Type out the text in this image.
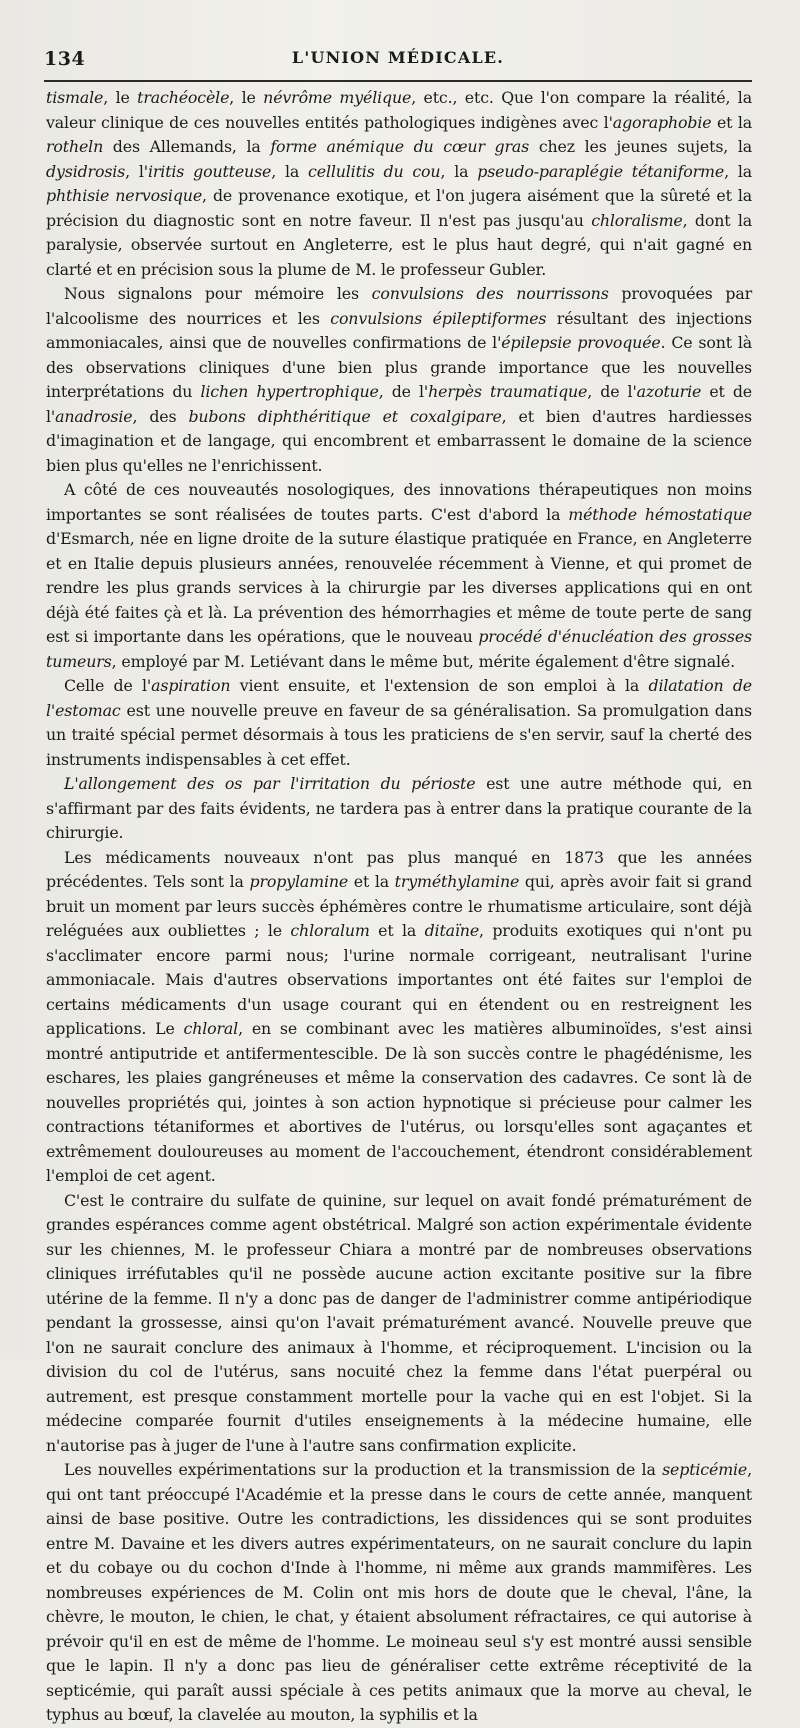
134	L'UNION MÉDICALE.

tismale, le trachéocèle, le névrôme myélique, etc., etc. Que l'on compare la réalité, la valeur clinique de ces nouvelles entités pathologiques indigènes avec l'agoraphobie et la rotheln des Allemands, la forme anémique du cœur gras chez les jeunes sujets, la dysidrosis, l'iritis goutteuse, la cellulitis du cou, la pseudo-paraplégie tétaniforme, la phthisie nervosique, de provenance exotique, et l'on jugera aisément que la sûreté et la précision du diagnostic sont en notre faveur. Il n'est pas jusqu'au chloralisme, dont la paralysie, observée surtout en Angleterre, est le plus haut degré, qui n'ait gagné en clarté et en précision sous la plume de M. le professeur Gubler.

Nous signalons pour mémoire les convulsions des nourrissons provoquées par l'alcoolisme des nourrices et les convulsions épileptiformes résultant des injections ammoniacales, ainsi que de nouvelles confirmations de l'épilepsie provoquée. Ce sont là des observations cliniques d'une bien plus grande importance que les nouvelles interprétations du lichen hypertrophique, de l'herpès traumatique, de l'azoturie et de l'anadrosie, des bubons diphthéritique et coxalgipare, et bien d'autres hardiesses d'imagination et de langage, qui encombrent et embarrassent le domaine de la science bien plus qu'elles ne l'enrichissent.

A côté de ces nouveautés nosologiques, des innovations thérapeutiques non moins importantes se sont réalisées de toutes parts. C'est d'abord la méthode hémostatique d'Esmarch, née en ligne droite de la suture élastique pratiquée en France, en Angleterre et en Italie depuis plusieurs années, renouvelée récemment à Vienne, et qui promet de rendre les plus grands services à la chirurgie par les diverses applications qui en ont déjà été faites çà et là. La prévention des hémorrhagies et même de toute perte de sang est si importante dans les opérations, que le nouveau procédé d'énucléation des grosses tumeurs, employé par M. Letiévant dans le même but, mérite également d'être signalé.

Celle de l'aspiration vient ensuite, et l'extension de son emploi à la dilatation de l'estomac est une nouvelle preuve en faveur de sa généralisation. Sa promulgation dans un traité spécial permet désormais à tous les praticiens de s'en servir, sauf la cherté des instruments indispensables à cet effet.

L'allongement des os par l'irritation du périoste est une autre méthode qui, en s'affirmant par des faits évidents, ne tardera pas à entrer dans la pratique courante de la chirurgie.

Les médicaments nouveaux n'ont pas plus manqué en 1873 que les années précédentes. Tels sont la propylamine et la tryméthylamine qui, après avoir fait si grand bruit un moment par leurs succès éphémères contre le rhumatisme articulaire, sont déjà reléguées aux oubliettes ; le chloralum et la ditaïne, produits exotiques qui n'ont pu s'acclimater encore parmi nous; l'urine normale corrigeant, neutralisant l'urine ammoniacale. Mais d'autres observations importantes ont été faites sur l'emploi de certains médicaments d'un usage courant qui en étendent ou en restreignent les applications. Le chloral, en se combinant avec les matières albuminoïdes, s'est ainsi montré antiputride et antifermentescible. De là son succès contre le phagédénisme, les eschares, les plaies gangréneuses et même la conservation des cadavres. Ce sont là de nouvelles propriétés qui, jointes à son action hypnotique si précieuse pour calmer les contractions tétaniformes et abortives de l'utérus, ou lorsqu'elles sont agaçantes et extrêmement douloureuses au moment de l'accouchement, étendront considérablement l'emploi de cet agent.

C'est le contraire du sulfate de quinine, sur lequel on avait fondé prématurément de grandes espérances comme agent obstétrical. Malgré son action expérimentale évidente sur les chiennes, M. le professeur Chiara a montré par de nombreuses observations cliniques irréfutables qu'il ne possède aucune action excitante positive sur la fibre utérine de la femme. Il n'y a donc pas de danger de l'administrer comme antipériodique pendant la grossesse, ainsi qu'on l'avait prématurément avancé. Nouvelle preuve que l'on ne saurait conclure des animaux à l'homme, et réciproquement. L'incision ou la division du col de l'utérus, sans nocuité chez la femme dans l'état puerpéral ou autrement, est presque constamment mortelle pour la vache qui en est l'objet. Si la médecine comparée fournit d'utiles enseignements à la médecine humaine, elle n'autorise pas à juger de l'une à l'autre sans confirmation explicite.

Les nouvelles expérimentations sur la production et la transmission de la septicémie, qui ont tant préoccupé l'Académie et la presse dans le cours de cette année, manquent ainsi de base positive. Outre les contradictions, les dissidences qui se sont produites entre M. Davaine et les divers autres expérimentateurs, on ne saurait conclure du lapin et du cobaye ou du cochon d'Inde à l'homme, ni même aux grands mammifères. Les nombreuses expériences de M. Colin ont mis hors de doute que le cheval, l'âne, la chèvre, le mouton, le chien, le chat, y étaient absolument réfractaires, ce qui autorise à prévoir qu'il en est de même de l'homme. Le moineau seul s'y est montré aussi sensible que le lapin. Il n'y a donc pas lieu de généraliser cette extrême réceptivité de la septicémie, qui paraît aussi spéciale à ces petits animaux que la morve au cheval, le typhus au bœuf, la clavelée au mouton, la syphilis et la
